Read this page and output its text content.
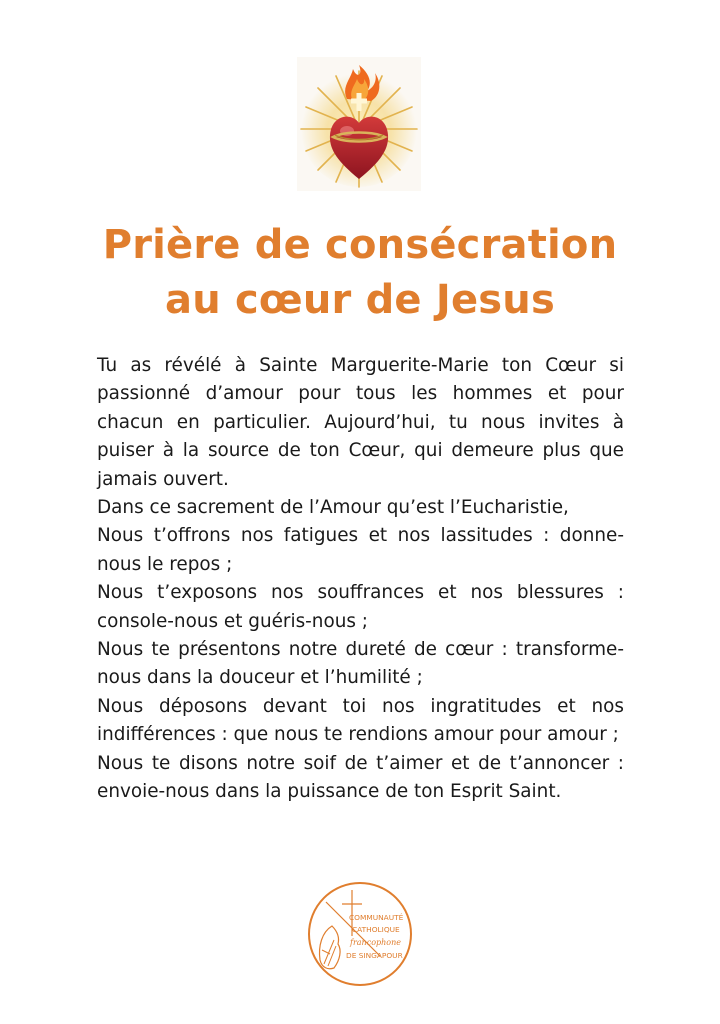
Prière de consécration
au cœur de Jesus

Tu as révélé à Sainte Marguerite-Marie ton Cœur si passionné d’amour pour tous les hommes et pour chacun en particulier. Aujourd’hui, tu nous invites à puiser à la source de ton Cœur, qui demeure plus que jamais ouvert.

Dans ce sacrement de l’Amour qu’est l’Eucharistie,

Nous t’offrons nos fatigues et nos lassitudes : donne-nous le repos ;

Nous t’exposons nos souffrances et nos blessures : console-nous et guéris-nous ;

Nous te présentons notre dureté de cœur : transforme-nous dans la douceur et l’humilité ;

Nous déposons devant toi nos ingratitudes et nos indifférences : que nous te rendions amour pour amour ;

Nous te disons notre soif de t’aimer et de t’annoncer : envoie-nous dans la puissance de ton Esprit Saint.

COMMUNAUTÉ
CATHOLIQUE
francophone
DE SINGAPOUR
